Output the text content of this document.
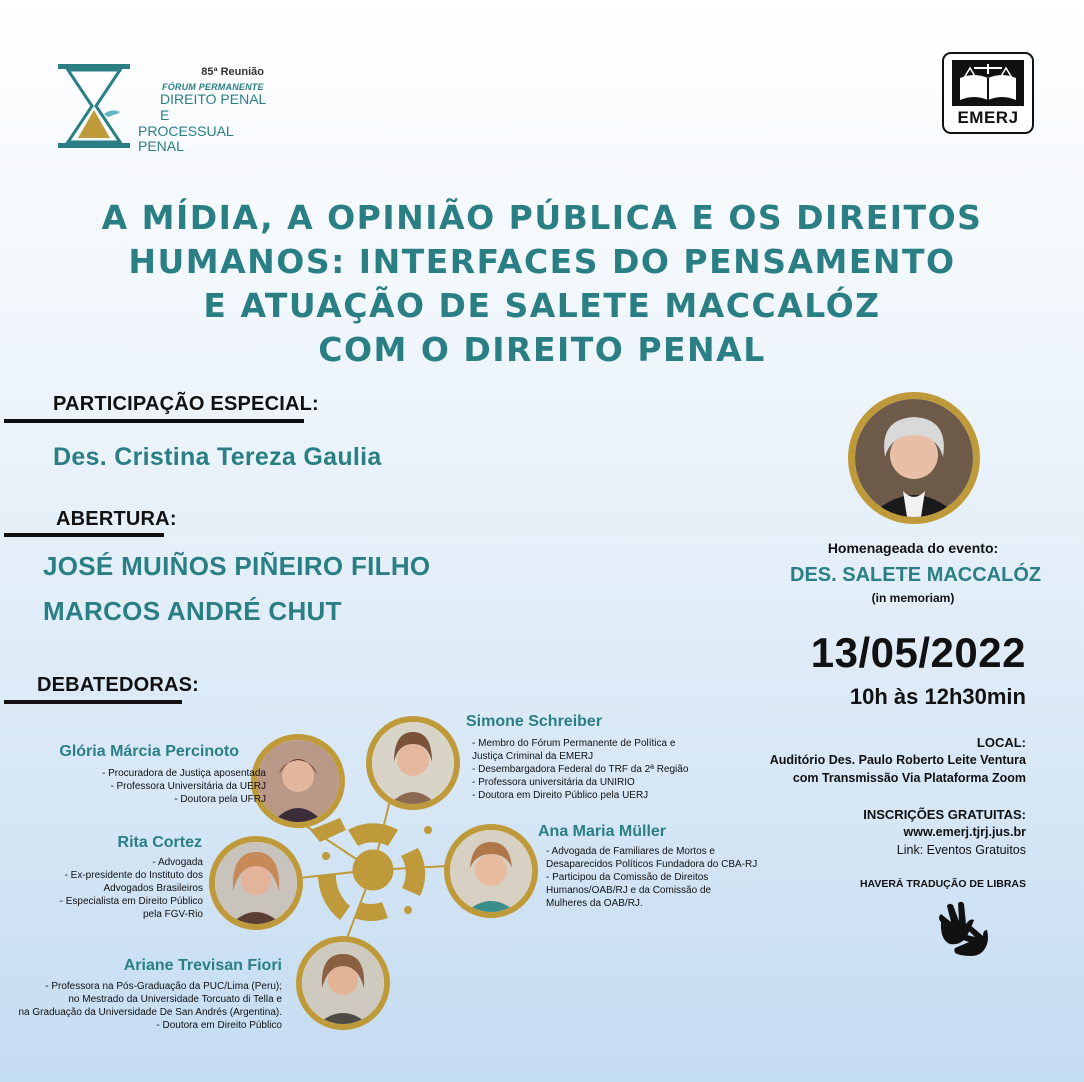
85ª Reunião
FÓRUM PERMANENTE
DIREITO PENAL E
PROCESSUAL PENAL
EMERJ
A MÍDIA, A OPINIÃO PÚBLICA E OS DIREITOS
HUMANOS: INTERFACES DO PENSAMENTO
E ATUAÇÃO DE SALETE MACCALÓZ
COM O DIREITO PENAL
PARTICIPAÇÃO ESPECIAL:
Des. Cristina Tereza Gaulia
ABERTURA:
JOSÉ MUIÑOS PIÑEIRO FILHO
MARCOS ANDRÉ CHUT
DEBATEDORAS:
Glória Márcia Percinoto
- Procuradora de Justiça aposentada
- Professora Universitária da UERJ
- Doutora pela UFRJ
Simone Schreiber
- Membro do Fórum Permanente de Política e
Justiça Criminal da EMERJ
- Desembargadora Federal do TRF da 2ª Região
- Professora universitária da UNIRIO
- Doutora em Direito Público pela UERJ
Rita Cortez
- Advogada
- Ex-presidente do Instituto dos
Advogados Brasileiros
- Especialista em Direito Público
pela FGV-Rio
Ana Maria Müller
- Advogada de Familiares de Mortos e
Desaparecidos Políticos Fundadora do CBA-RJ
- Participou da Comissão de Direitos
Humanos/OAB/RJ e da Comissão de
Mulheres da OAB/RJ.
Ariane Trevisan Fiori
- Professora na Pós-Graduação da PUC/Lima (Peru);
no Mestrado da Universidade Torcuato di Tella e
na Graduação da Universidade De San Andrés (Argentina).
- Doutora em Direito Público
Homenageada do evento:
DES. SALETE MACCALÓZ
(in memoriam)
13/05/2022
10h às 12h30min
LOCAL:
Auditório Des. Paulo Roberto Leite Ventura
com Transmissão Via Plataforma Zoom
INSCRIÇÕES GRATUITAS:
www.emerj.tjrj.jus.br
Link: Eventos Gratuitos
HAVERÁ TRADUÇÃO DE LIBRAS
